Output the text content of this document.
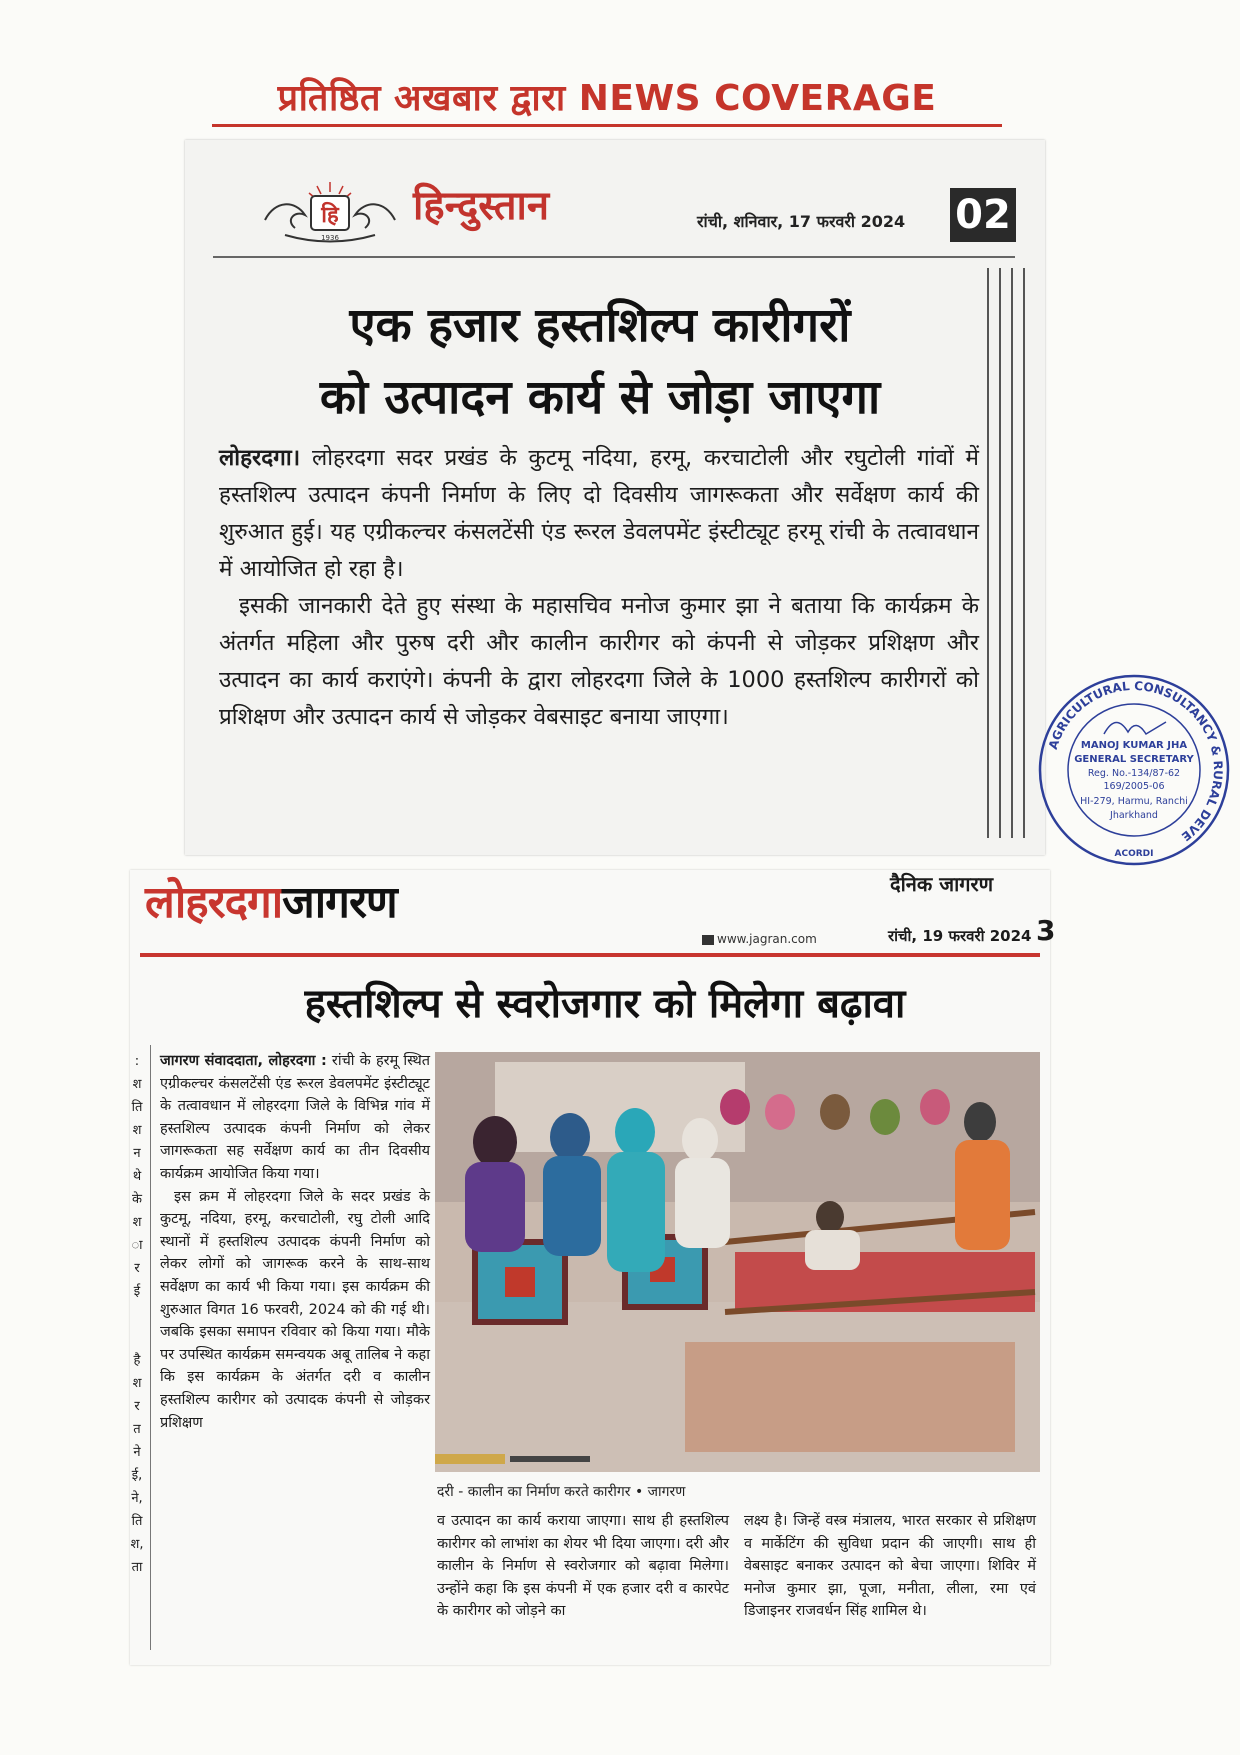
प्रतिष्ठित अखबार द्वारा NEWS COVERAGE
हि
1936
हिन्दुस्तान	रांची, शनिवार, 17 फरवरी 2024 02
एक हजार हस्तशिल्प कारीगरों
को उत्पादन कार्य से जोड़ा जाएगा

लोहरदगा। लोहरदगा सदर प्रखंड के कुटमू नदिया, हरमू, करचाटोली और रघुटोली गांवों में हस्तशिल्प उत्पादन कंपनी निर्माण के लिए दो दिवसीय जागरूकता और सर्वेक्षण कार्य की शुरुआत हुई। यह एग्रीकल्चर कंसलटेंसी एंड रूरल डेवलपमेंट इंस्टीट्यूट हरमू रांची के तत्वावधान में आयोजित हो रहा है।

इसकी जानकारी देते हुए संस्था के महासचिव मनोज कुमार झा ने बताया कि कार्यक्रम के अंतर्गत महिला और पुरुष दरी और कालीन कारीगर को कंपनी से जोड़कर प्रशिक्षण और उत्पादन का कार्य कराएंगे। कंपनी के द्वारा लोहरदगा जिले के 1000 हस्तशिल्प कारीगरों को प्रशिक्षण और उत्पादन कार्य से जोड़कर वेबसाइट बनाया जाएगा।

AGRICULTURAL CONSULTANCY & RURAL DEVE
MANOJ KUMAR JHA
GENERAL SECRETARY
Reg. No.-134/87-62
169/2005-06
HI-279, Harmu, Ranchi
Jharkhand
ACORDI
लोहरदगाजागरण	दैनिक जागरण
www.jagran.com	रांची, 19 फरवरी 2024 3
हस्तशिल्प से स्वरोजगार को मिलेगा बढ़ावा
:
श
ति
श
न
थे
के
श
ा
र
ई
है
श
र
त
ने
ई,
ने,
ति
श,
ता

जागरण संवाददाता, लोहरदगा : रांची के हरमू स्थित एग्रीकल्चर कंसलटेंसी एंड रूरल डेवलपमेंट इंस्टीट्यूट के तत्वावधान में लोहरदगा जिले के विभिन्न गांव में हस्तशिल्प उत्पादक कंपनी निर्माण को लेकर जागरूकता सह सर्वेक्षण कार्य का तीन दिवसीय कार्यक्रम आयोजित किया गया।

इस क्रम में लोहरदगा जिले के सदर प्रखंड के कुटमू, नदिया, हरमू, करचाटोली, रघु टोली आदि स्थानों में हस्तशिल्प उत्पादक कंपनी निर्माण को लेकर लोगों को जागरूक करने के साथ-साथ सर्वेक्षण का कार्य भी किया गया। इस कार्यक्रम की शुरुआत विगत 16 फरवरी, 2024 को की गई थी। जबकि इसका समापन रविवार को किया गया। मौके पर उपस्थित कार्यक्रम समन्वयक अबू तालिब ने कहा कि इस कार्यक्रम के अंतर्गत दरी व कालीन हस्तशिल्प कारीगर को उत्पादक कंपनी से जोड़कर प्रशिक्षण

दरी - कालीन का निर्माण करते कारीगर • जागरण

व उत्पादन का कार्य कराया जाएगा। साथ ही हस्तशिल्प कारीगर को लाभांश का शेयर भी दिया जाएगा। दरी और कालीन के निर्माण से स्वरोजगार को बढ़ावा मिलेगा। उन्होंने कहा कि इस कंपनी में एक हजार दरी व कारपेट के कारीगर को जोड़ने का

लक्ष्य है। जिन्हें वस्त्र मंत्रालय, भारत सरकार से प्रशिक्षण व मार्केटिंग की सुविधा प्रदान की जाएगी। साथ ही वेबसाइट बनाकर उत्पादन को बेचा जाएगा। शिविर में मनोज कुमार झा, पूजा, मनीता, लीला, रमा एवं डिजाइनर राजवर्धन सिंह शामिल थे।
